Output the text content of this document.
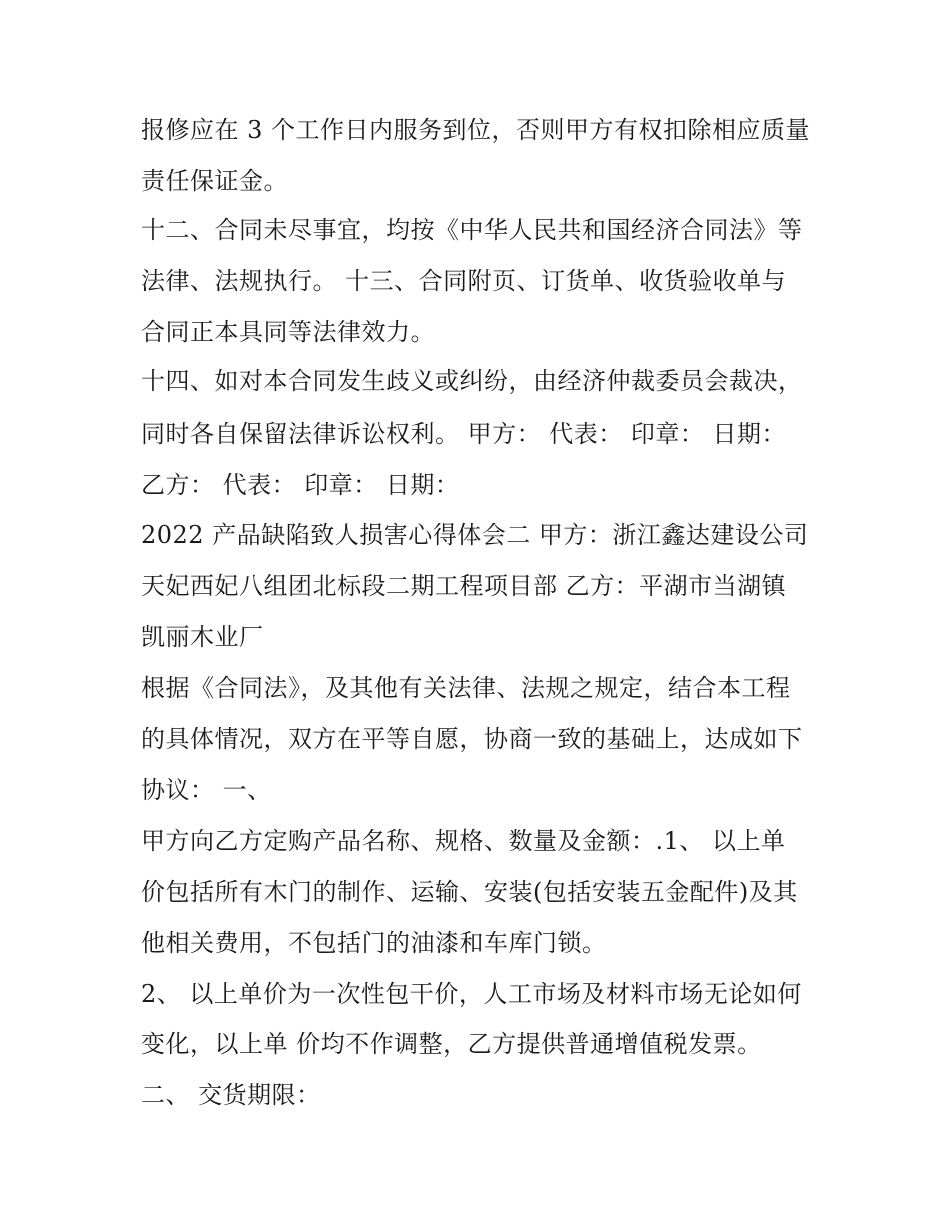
报修应在 3 个工作日内服务到位，否则甲方有权扣除相应质量
责任保证金。
十二、合同未尽事宜，均按《中华人民共和国经济合同法》等
法律、法规执行。 十三、合同附页、订货单、收货验收单与
合同正本具同等法律效力。
十四、如对本合同发生歧义或纠纷，由经济仲裁委员会裁决，
同时各自保留法律诉讼权利。 甲方： 代表： 印章： 日期：
乙方： 代表： 印章： 日期：
2022 产品缺陷致人损害心得体会二 甲方：浙江鑫达建设公司
天妃西妃八组团北标段二期工程项目部 乙方：平湖市当湖镇
凯丽木业厂
根据《合同法》，及其他有关法律、法规之规定，结合本工程
的具体情况，双方在平等自愿，协商一致的基础上，达成如下
协议： 一、
甲方向乙方定购产品名称、规格、数量及金额：.1、 以上单
价包括所有木门的制作、运输、安装(包括安装五金配件)及其
他相关费用，不包括门的油漆和车库门锁。
2、 以上单价为一次性包干价，人工市场及材料市场无论如何
变化，以上单 价均不作调整，乙方提供普通增值税发票。
二、 交货期限：
